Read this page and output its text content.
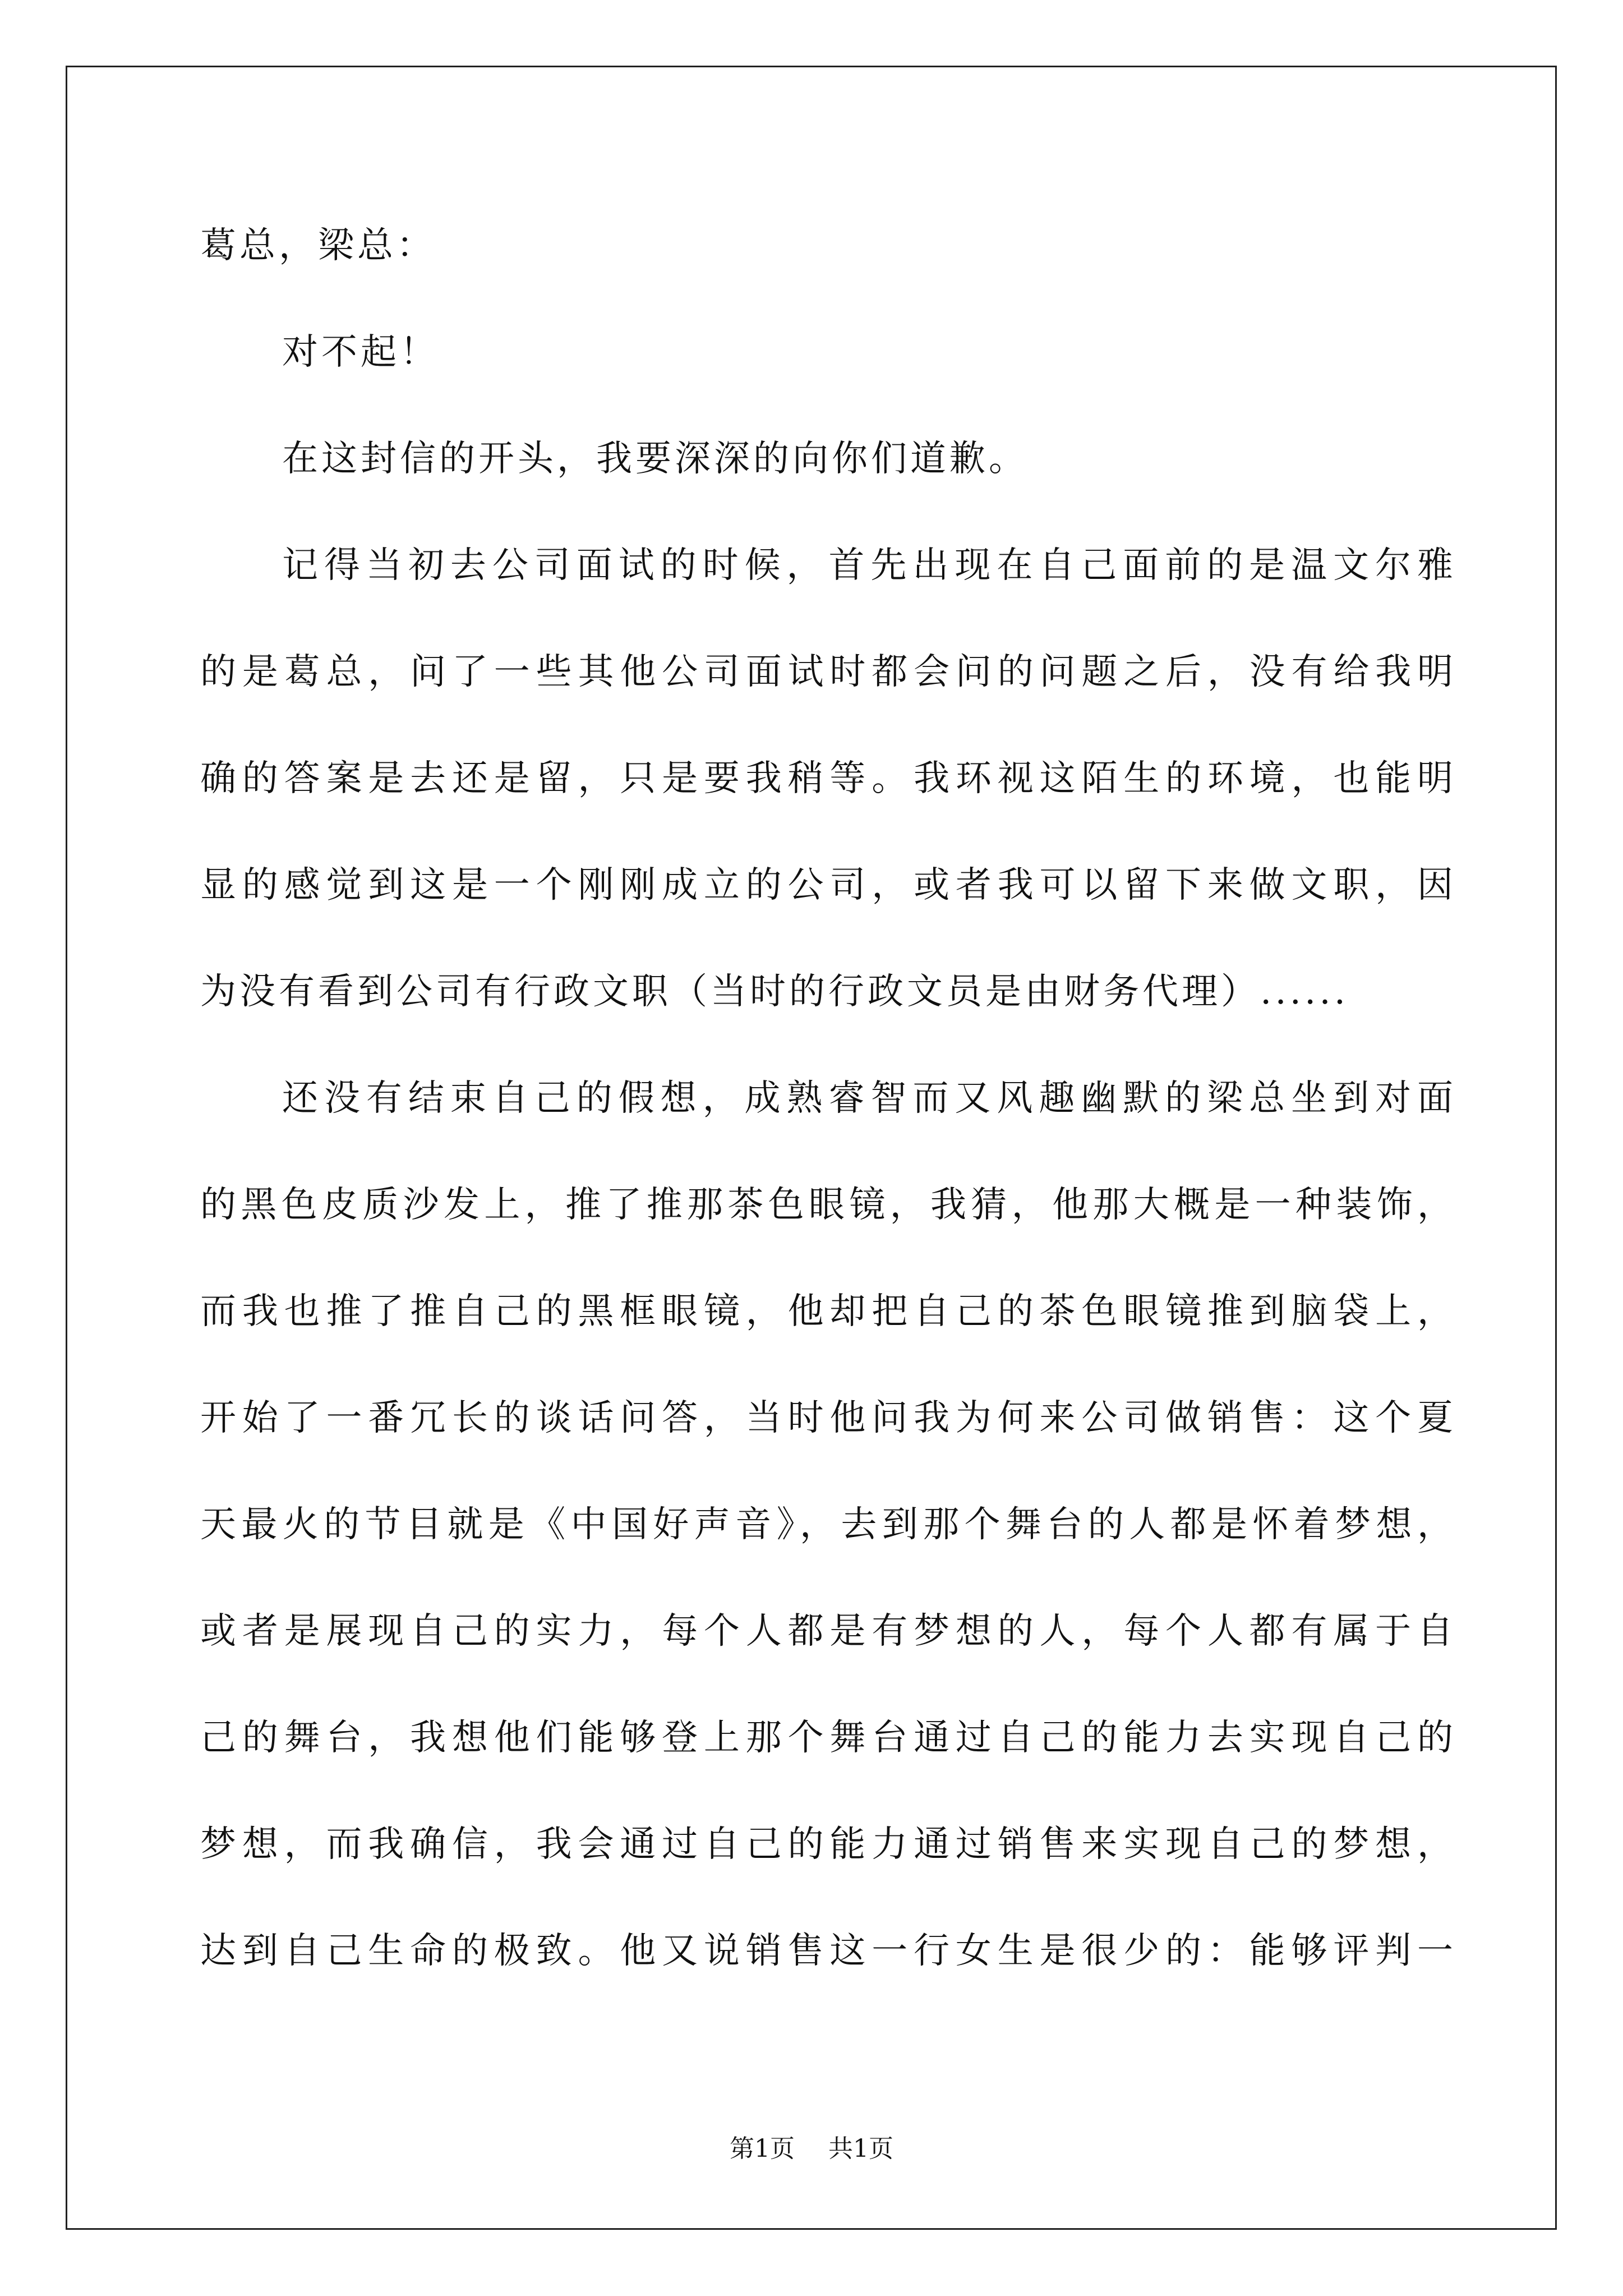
葛总，梁总：
对不起！
在这封信的开头，我要深深的向你们道歉。
记得当初去公司面试的时候，首先出现在自己面前的是温文尔雅
的是葛总，问了一些其他公司面试时都会问的问题之后，没有给我明
确的答案是去还是留，只是要我稍等。我环视这陌生的环境，也能明
显的感觉到这是一个刚刚成立的公司，或者我可以留下来做文职，因
为没有看到公司有行政文职（当时的行政文员是由财务代理）......
还没有结束自己的假想，成熟睿智而又风趣幽默的梁总坐到对面
的黑色皮质沙发上，推了推那茶色眼镜，我猜，他那大概是一种装饰，
而我也推了推自己的黑框眼镜，他却把自己的茶色眼镜推到脑袋上，
开始了一番冗长的谈话问答，当时他问我为何来公司做销售：这个夏
天最火的节目就是《中国好声音》，去到那个舞台的人都是怀着梦想，
或者是展现自己的实力，每个人都是有梦想的人，每个人都有属于自
己的舞台，我想他们能够登上那个舞台通过自己的能力去实现自己的
梦想，而我确信，我会通过自己的能力通过销售来实现自己的梦想，
达到自己生命的极致。他又说销售这一行女生是很少的：能够评判一
第1页 共1页
